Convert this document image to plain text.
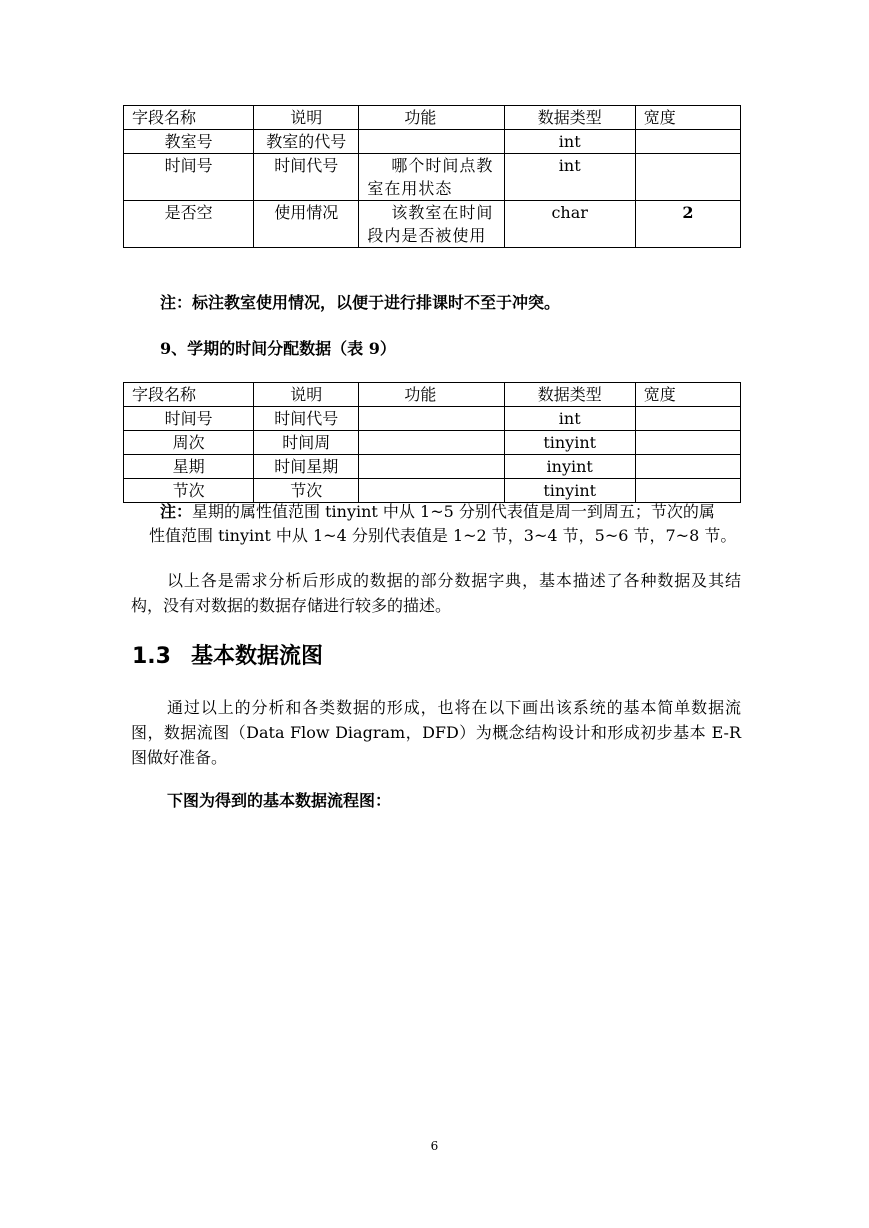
字段名称	说明	功能	数据类型	宽度
教室号	教室的代号		int	
时间号	时间代号	哪个时间点教室在用状态	int	
是否空	使用情况	该教室在时间段内是否被使用	char	2
注：标注教室使用情况，以便于进行排课时不至于冲突。
9、学期的时间分配数据（表 9）
字段名称	说明	功能	数据类型	宽度
时间号	时间代号		int	
周次	时间周		tinyint	
星期	时间星期		inyint	
节次	节次		tinyint	
注：星期的属性值范围 tinyint 中从 1~5 分别代表值是周一到周五；节次的属
性值范围 tinyint 中从 1~4 分别代表值是 1~2 节，3~4 节，5~6 节，7~8 节。
以上各是需求分析后形成的数据的部分数据字典，基本描述了各种数据及其结构，没有对数据的数据存储进行较多的描述。
1.3 基本数据流图
通过以上的分析和各类数据的形成，也将在以下画出该系统的基本简单数据流图，数据流图（Data Flow Diagram，DFD）为概念结构设计和形成初步基本 E-R 图做好准备。
下图为得到的基本数据流程图：
6
